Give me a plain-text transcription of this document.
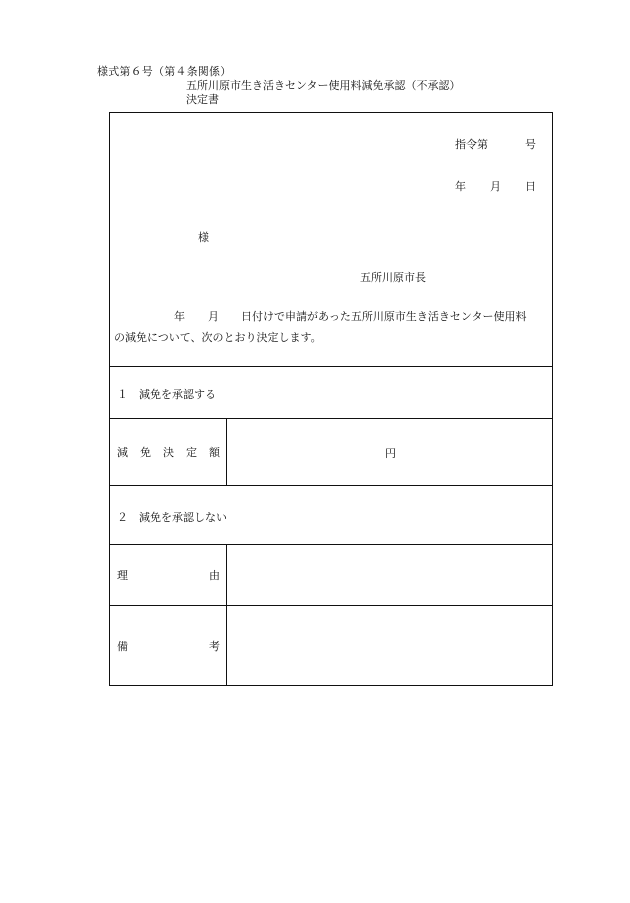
様式第６号（第４条関係）
五所川原市生き活きセンター使用料減免承認（不承認）
決定書
指令第	号
年 月 日
様
五所川原市長
年 月 日付けで申請があった五所川原市生き活きセンター使用料
の減免について、次のとおり決定します。
１　減免を承認する
減 免 決 定 額	円
２　減免を承認しない
理	由
備	考
